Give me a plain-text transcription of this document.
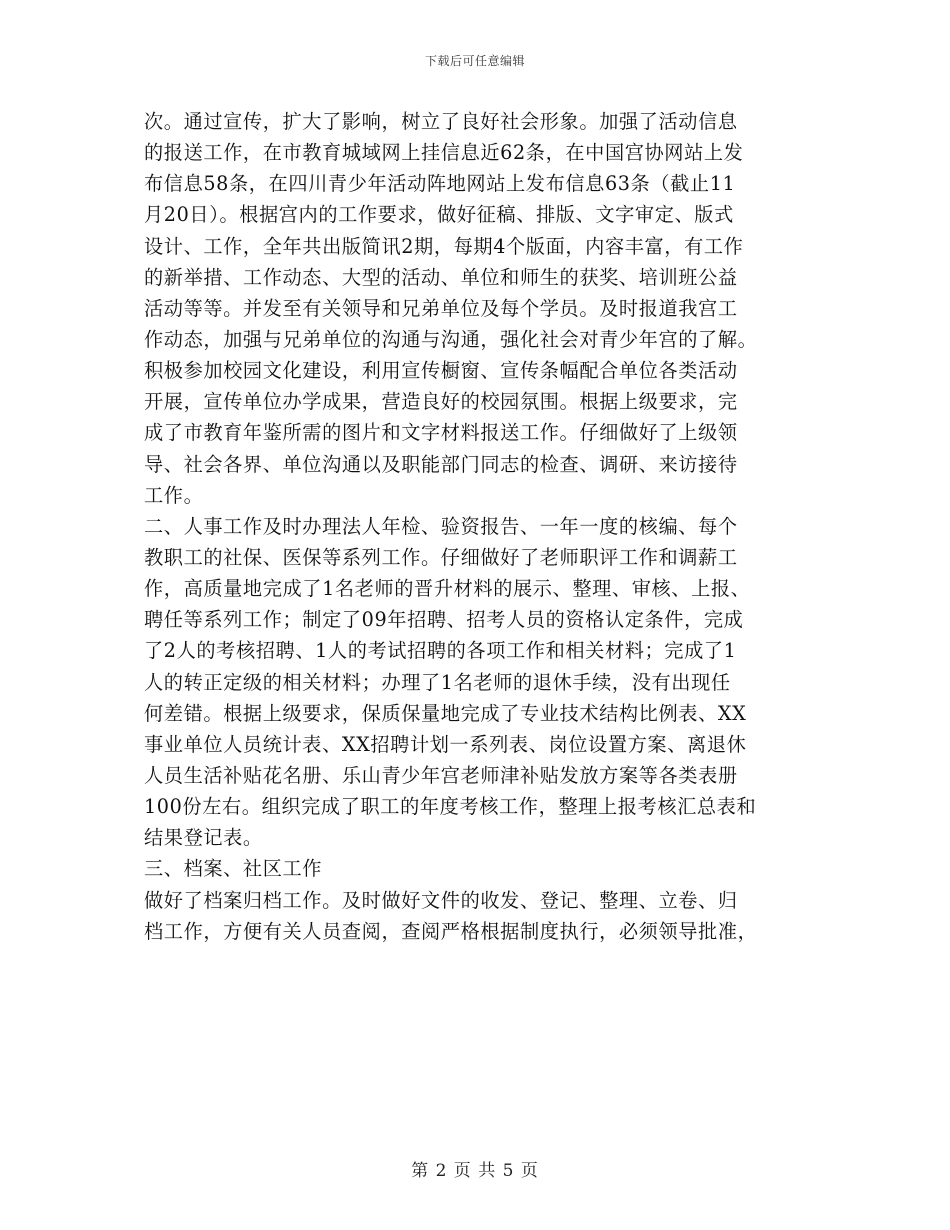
下载后可任意编辑
次。通过宣传，扩大了影响，树立了良好社会形象。加强了活动信息
的报送工作，在市教育城域网上挂信息近62条，在中国宫协网站上发
布信息58条，在四川青少年活动阵地网站上发布信息63条（截止11
月20日）。根据宫内的工作要求，做好征稿、排版、文字审定、版式
设计、工作，全年共出版简讯2期，每期4个版面，内容丰富，有工作
的新举措、工作动态、大型的活动、单位和师生的获奖、培训班公益
活动等等。并发至有关领导和兄弟单位及每个学员。及时报道我宫工
作动态，加强与兄弟单位的沟通与沟通，强化社会对青少年宫的了解。
积极参加校园文化建设，利用宣传橱窗、宣传条幅配合单位各类活动
开展，宣传单位办学成果，营造良好的校园氛围。根据上级要求，完
成了市教育年鉴所需的图片和文字材料报送工作。仔细做好了上级领
导、社会各界、单位沟通以及职能部门同志的检查、调研、来访接待
工作。
二、人事工作及时办理法人年检、验资报告、一年一度的核编、每个
教职工的社保、医保等系列工作。仔细做好了老师职评工作和调薪工
作，高质量地完成了1名老师的晋升材料的展示、整理、审核、上报、
聘任等系列工作；制定了09年招聘、招考人员的资格认定条件，完成
了2人的考核招聘、1人的考试招聘的各项工作和相关材料；完成了1
人的转正定级的相关材料；办理了1名老师的退休手续，没有出现任
何差错。根据上级要求，保质保量地完成了专业技术结构比例表、XX
事业单位人员统计表、XX招聘计划一系列表、岗位设置方案、离退休
人员生活补贴花名册、乐山青少年宫老师津补贴发放方案等各类表册
100份左右。组织完成了职工的年度考核工作，整理上报考核汇总表和
结果登记表。
三、档案、社区工作
做好了档案归档工作。及时做好文件的收发、登记、整理、立卷、归
档工作，方便有关人员查阅，查阅严格根据制度执行，必须领导批准，
第 2 页 共 5 页
